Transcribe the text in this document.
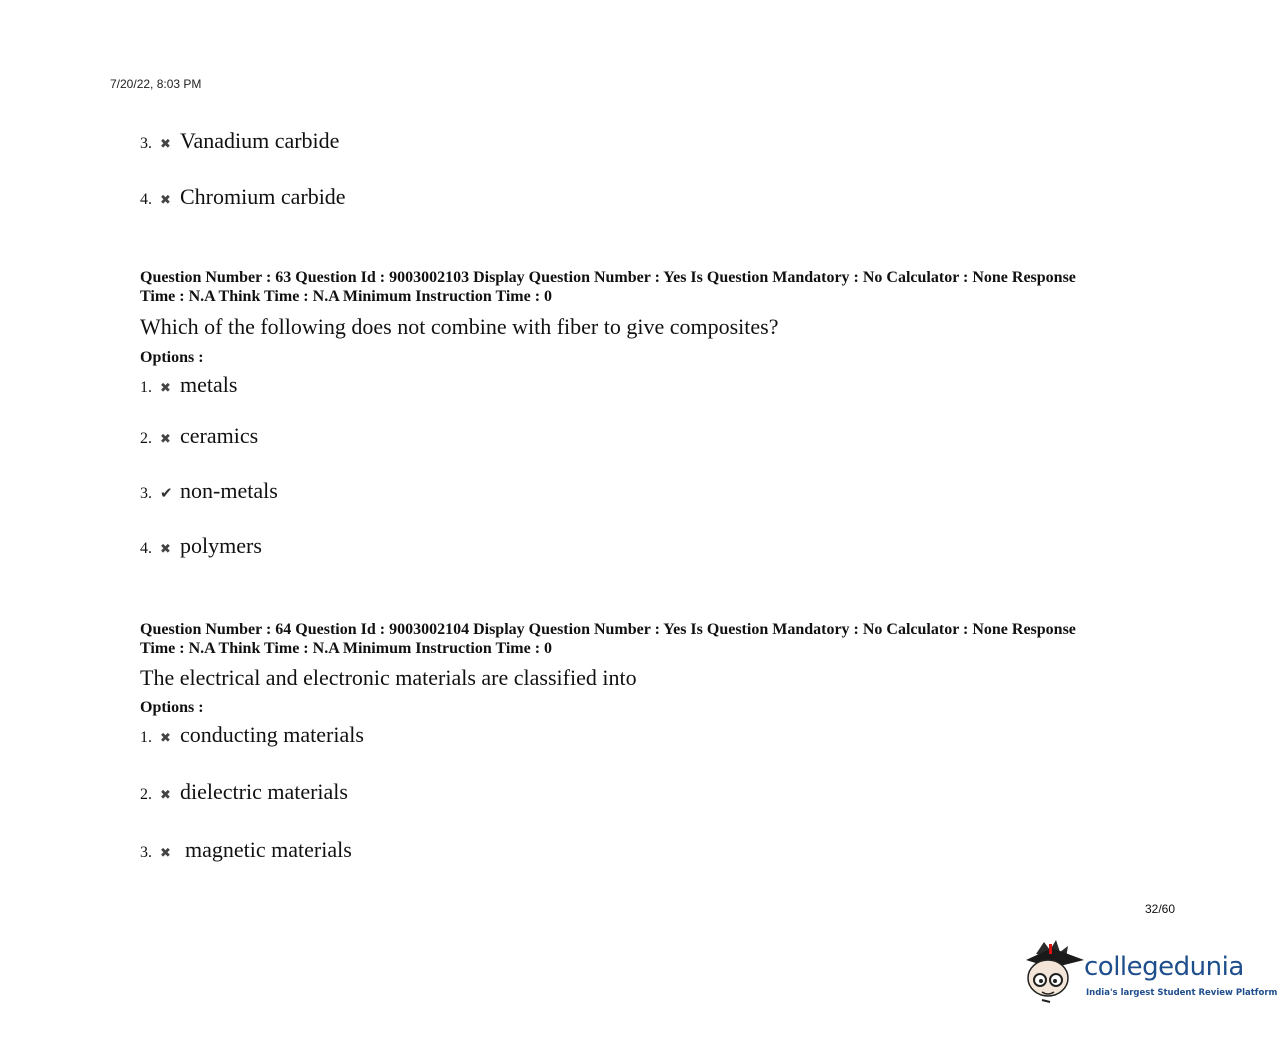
7/20/22, 8:03 PM
3. ✖ Vanadium carbide
4. ✖ Chromium carbide
Question Number : 63 Question Id : 9003002103 Display Question Number : Yes Is Question Mandatory : No Calculator : None Response
Time : N.A Think Time : N.A Minimum Instruction Time : 0
Which of the following does not combine with fiber to give composites?
Options :
1. ✖ metals
2. ✖ ceramics
3. ✔ non-metals
4. ✖ polymers
Question Number : 64 Question Id : 9003002104 Display Question Number : Yes Is Question Mandatory : No Calculator : None Response
Time : N.A Think Time : N.A Minimum Instruction Time : 0
The electrical and electronic materials are classified into
Options :
1. ✖ conducting materials
2. ✖ dielectric materials
3. ✖ magnetic materials
32/60
collegedunia
India's largest Student Review Platform
